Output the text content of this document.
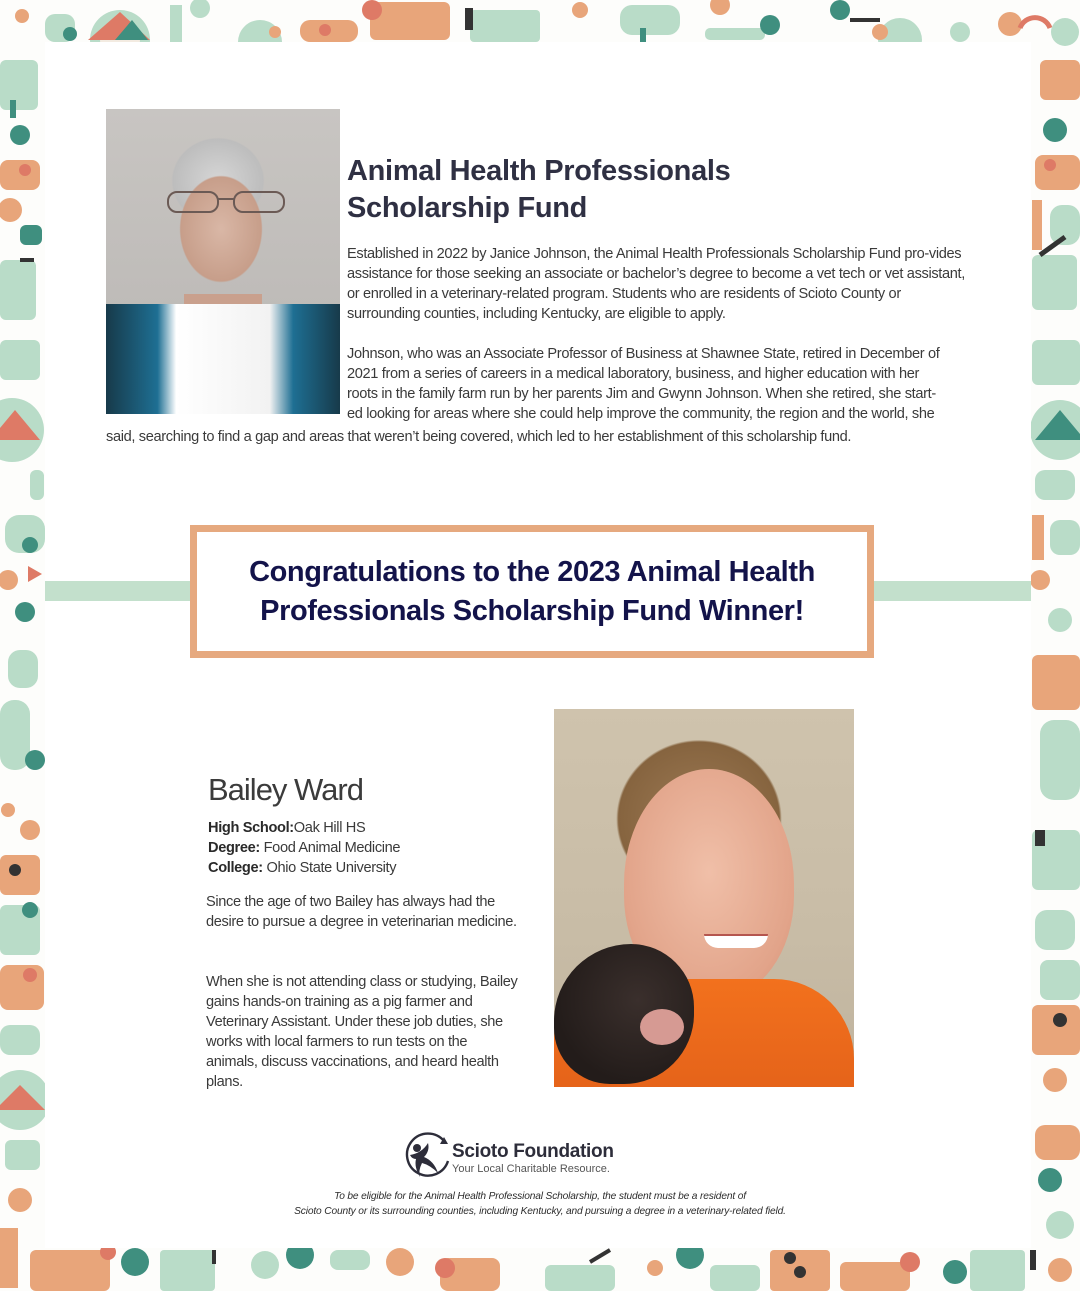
Animal Health Professionals
Scholarship Fund

Established in 2022 by Janice Johnson, the Animal Health Professionals Scholarship Fund pro-vides assistance for those seeking an associate or bachelor’s degree to become a vet tech or vet assistant, or enrolled in a veterinary-related program. Students who are residents of Scioto County or surrounding counties, including Kentucky, are eligible to apply.

Johnson, who was an Associate Professor of Business at Shawnee State, retired in December of
2021 from a series of careers in a medical laboratory, business, and higher education with her
roots in the family farm run by her parents Jim and Gwynn Johnson. When she retired, she start-
ed looking for areas where she could help improve the community, the region and the world, she

said, searching to find a gap and areas that weren’t being covered, which led to her establishment of this scholarship fund.

Congratulations to the 2023 Animal Health
Professionals Scholarship Fund Winner!
Bailey Ward
High School:Oak Hill HS
Degree: Food Animal Medicine
College: Ohio State University

Since the age of two Bailey has always had the desire to pursue a degree in veterinarian medicine.

When she is not attending class or studying, Bailey gains hands-on training as a pig farmer and Veterinary Assistant. Under these job duties, she works with local farmers to run tests on the animals, discuss vaccinations, and heard health plans.

Scioto Foundation
Your Local Charitable Resource.
To be eligible for the Animal Health Professional Scholarship, the student must be a resident of
Scioto County or its surrounding counties, including Kentucky, and pursuing a degree in a veterinary-related field.
